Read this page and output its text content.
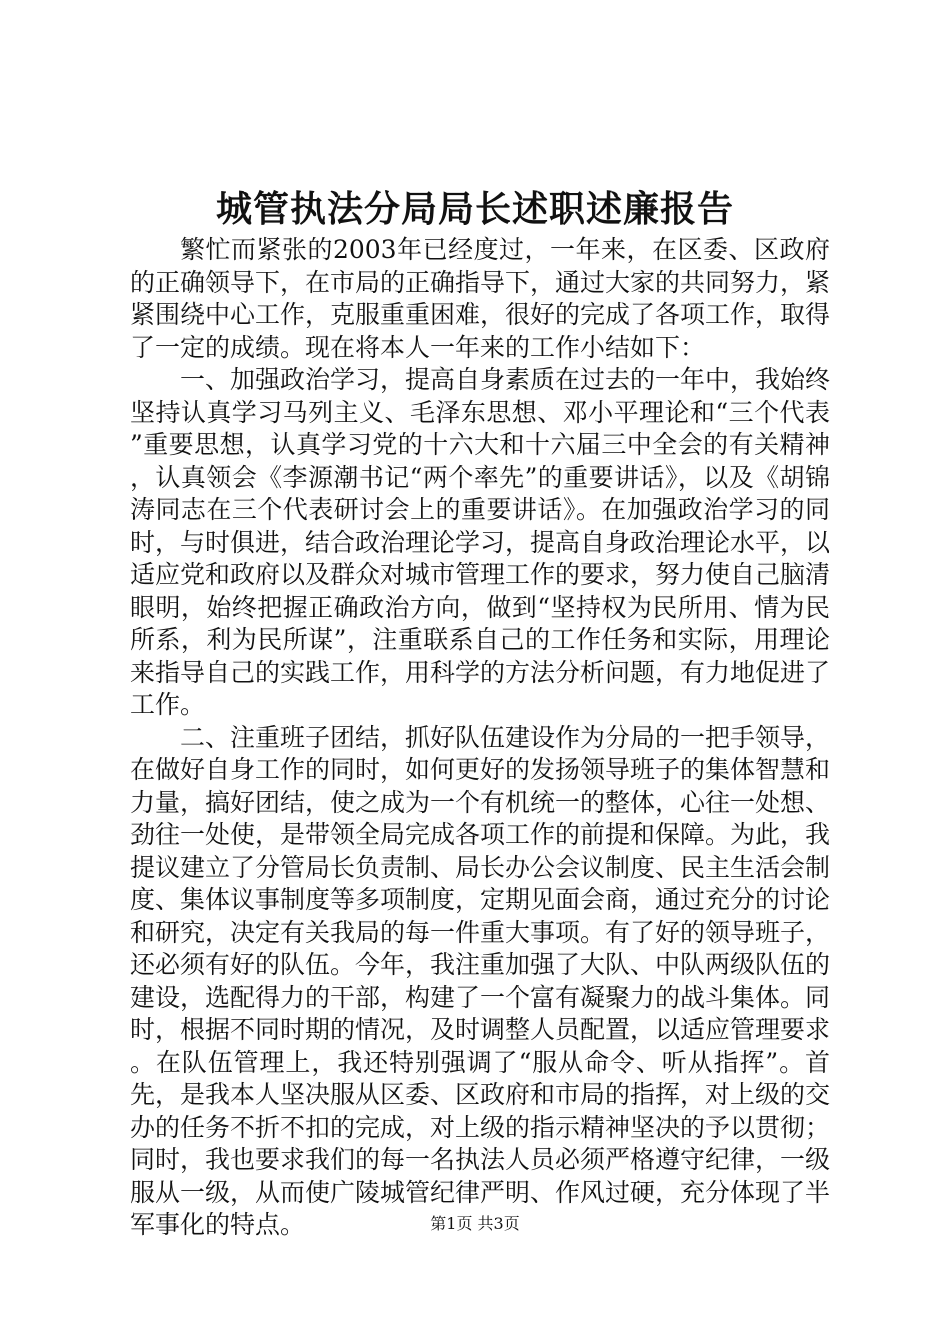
城管执法分局局长述职述廉报告

繁忙而紧张的2003年已经度过，一年来，在区委、区政府的正确领导下，在市局的正确指导下，通过大家的共同努力，紧紧围绕中心工作，克服重重困难，很好的完成了各项工作，取得了一定的成绩。现在将本人一年来的工作小结如下：

一、加强政治学习，提高自身素质在过去的一年中，我始终坚持认真学习马列主义、毛泽东思想、邓小平理论和“三个代表”重要思想，认真学习党的十六大和十六届三中全会的有关精神，认真领会《李源潮书记“两个率先”的重要讲话》，以及《胡锦涛同志在三个代表研讨会上的重要讲话》。在加强政治学习的同时，与时俱进，结合政治理论学习，提高自身政治理论水平，以适应党和政府以及群众对城市管理工作的要求，努力使自己脑清眼明，始终把握正确政治方向，做到“坚持权为民所用、情为民所系，利为民所谋”，注重联系自己的工作任务和实际，用理论来指导自己的实践工作，用科学的方法分析问题，有力地促进了工作。

二、注重班子团结，抓好队伍建设作为分局的一把手领导，在做好自身工作的同时，如何更好的发扬领导班子的集体智慧和力量，搞好团结，使之成为一个有机统一的整体，心往一处想、劲往一处使，是带领全局完成各项工作的前提和保障。为此，我提议建立了分管局长负责制、局长办公会议制度、民主生活会制度、集体议事制度等多项制度，定期见面会商，通过充分的讨论和研究，决定有关我局的每一件重大事项。有了好的领导班子，还必须有好的队伍。今年，我注重加强了大队、中队两级队伍的建设，选配得力的干部，构建了一个富有凝聚力的战斗集体。同时，根据不同时期的情况，及时调整人员配置，以适应管理要求。在队伍管理上，我还特别强调了“服从命令、听从指挥”。首先，是我本人坚决服从区委、区政府和市局的指挥，对上级的交办的任务不折不扣的完成，对上级的指示精神坚决的予以贯彻；同时，我也要求我们的每一名执法人员必须严格遵守纪律，一级服从一级，从而使广陵城管纪律严明、作风过硬，充分体现了半军事化的特点。	第1页 共3页
